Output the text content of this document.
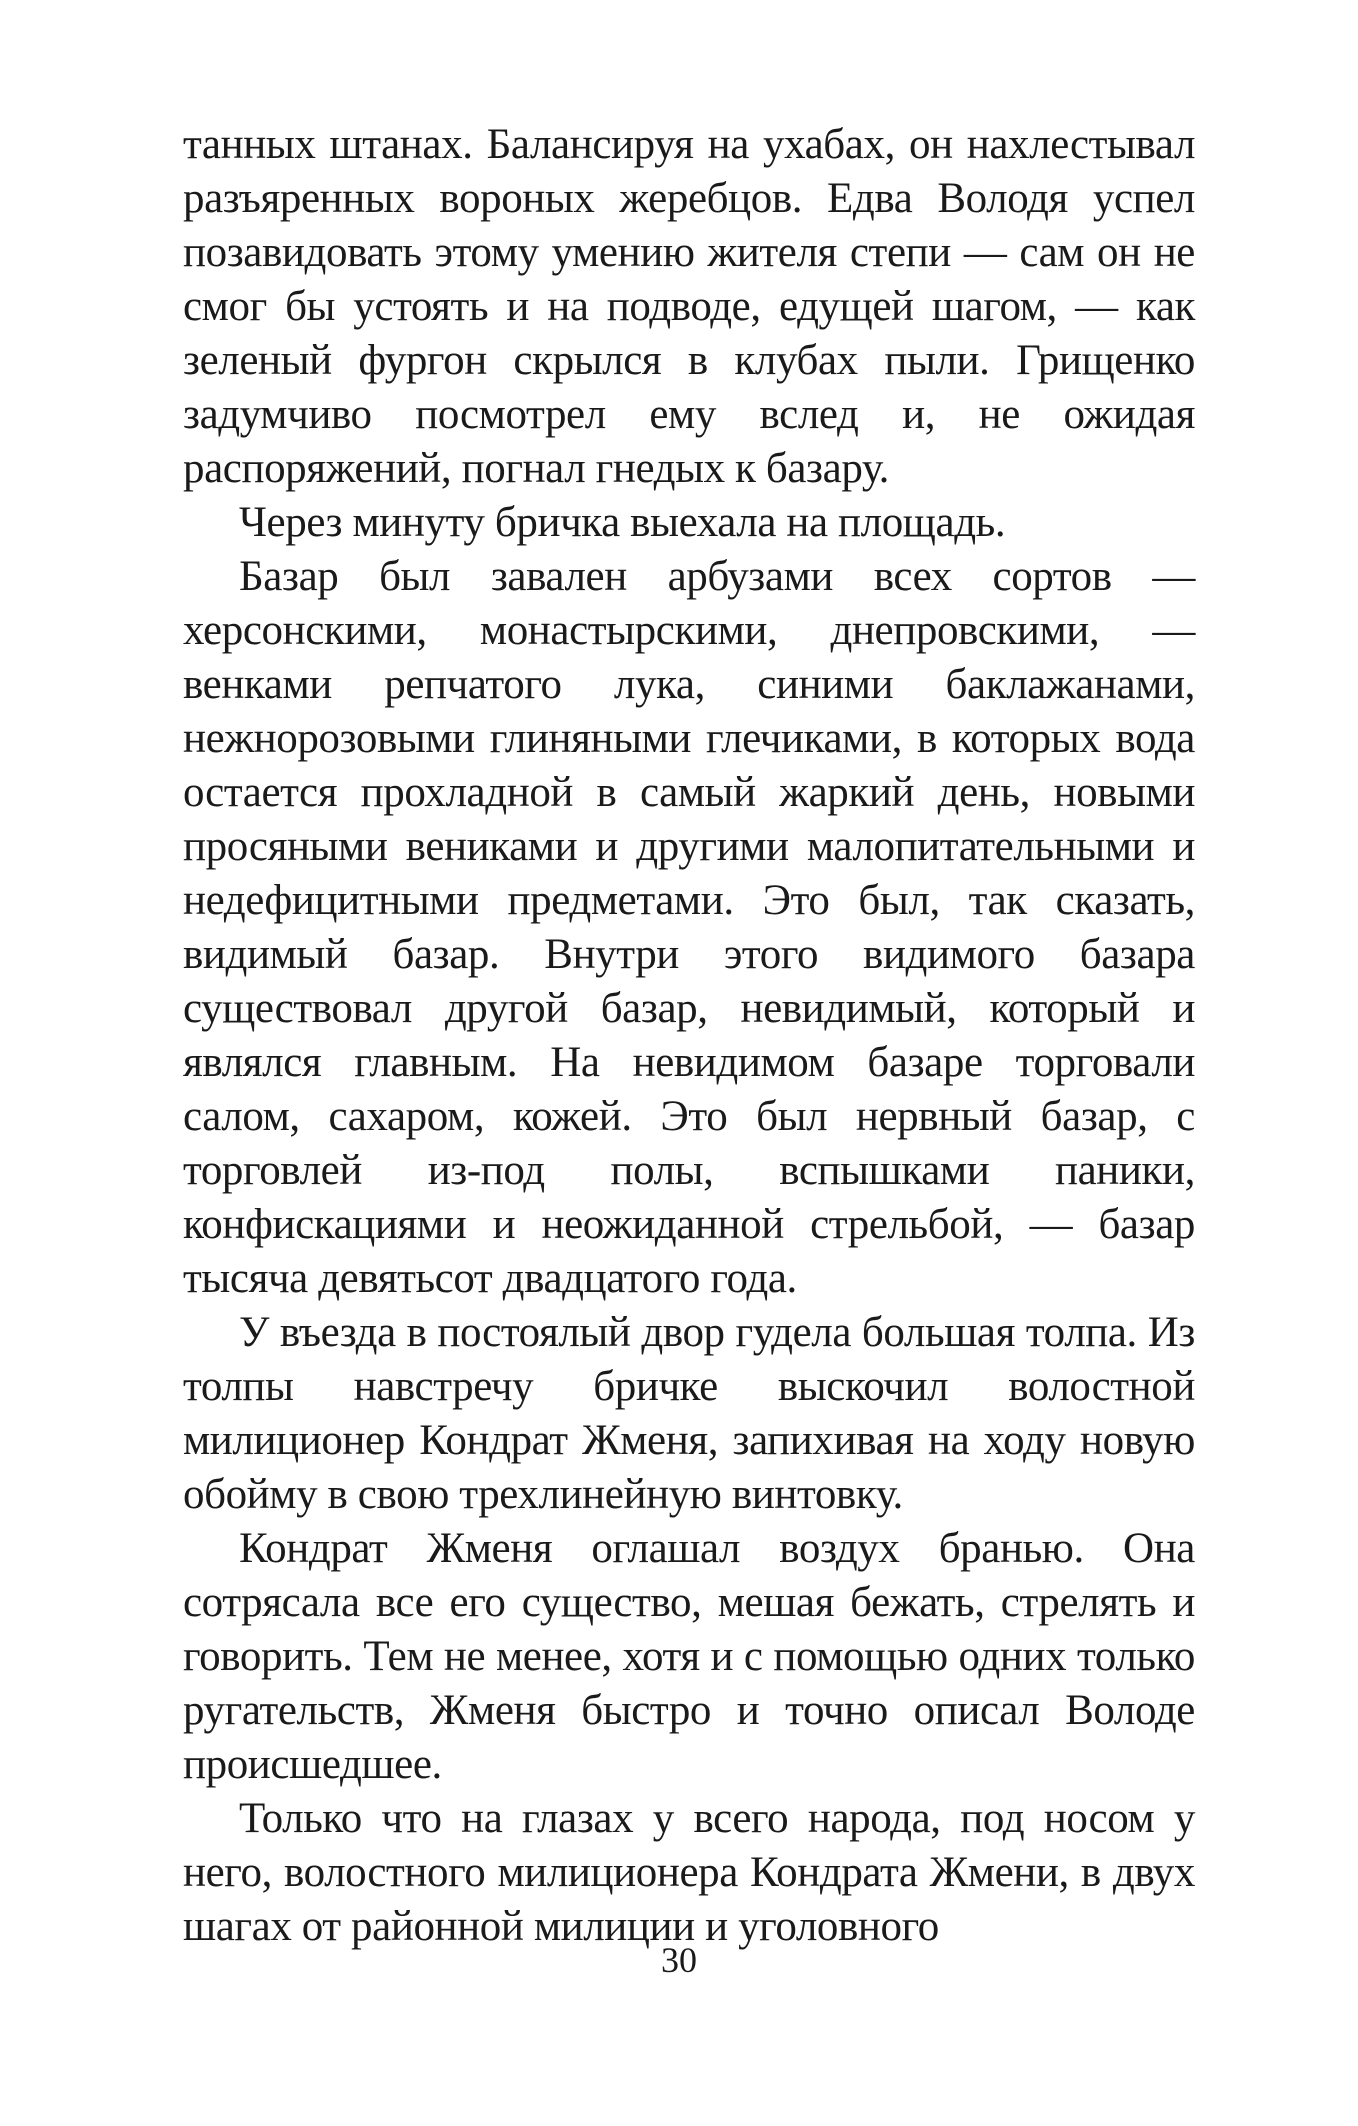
танных штанах. Балансируя на ухабах, он нахлестывал разъяренных вороных жеребцов. Едва Володя успел позавидовать этому умению жителя степи — сам он не смог бы устоять и на подводе, едущей шагом, — как зеленый фургон скрылся в клубах пыли. Грищенко задумчиво посмотрел ему вслед и, не ожидая распоряжений, погнал гнедых к базару.

Через минуту бричка выехала на площадь.

Базар был завален арбузами всех сортов — херсонскими, монастырскими, днепровскими, — венками репчатого лука, синими баклажанами, нежнорозовыми глиняными глечиками, в которых вода остается прохладной в самый жаркий день, новыми просяными вениками и другими малопитательными и недефицитными предметами. Это был, так сказать, видимый базар. Внутри этого видимого базара существовал другой базар, невидимый, который и являлся главным. На невидимом базаре торговали салом, сахаром, кожей. Это был нервный базар, с торговлей из-под полы, вспышками паники, конфискациями и неожиданной стрельбой, — базар тысяча девятьсот двадцатого года.

У въезда в постоялый двор гудела большая толпа. Из толпы навстречу бричке выскочил волостной милиционер Кондрат Жменя, запихивая на ходу новую обойму в свою трехлинейную винтовку.

Кондрат Жменя оглашал воздух бранью. Она сотрясала все его существо, мешая бежать, стрелять и говорить. Тем не менее, хотя и с помощью одних только ругательств, Жменя быстро и точно описал Володе происшедшее.

Только что на глазах у всего народа, под носом у него, волостного милиционера Кондрата Жмени, в двух шагах от районной милиции и уголовного

30
